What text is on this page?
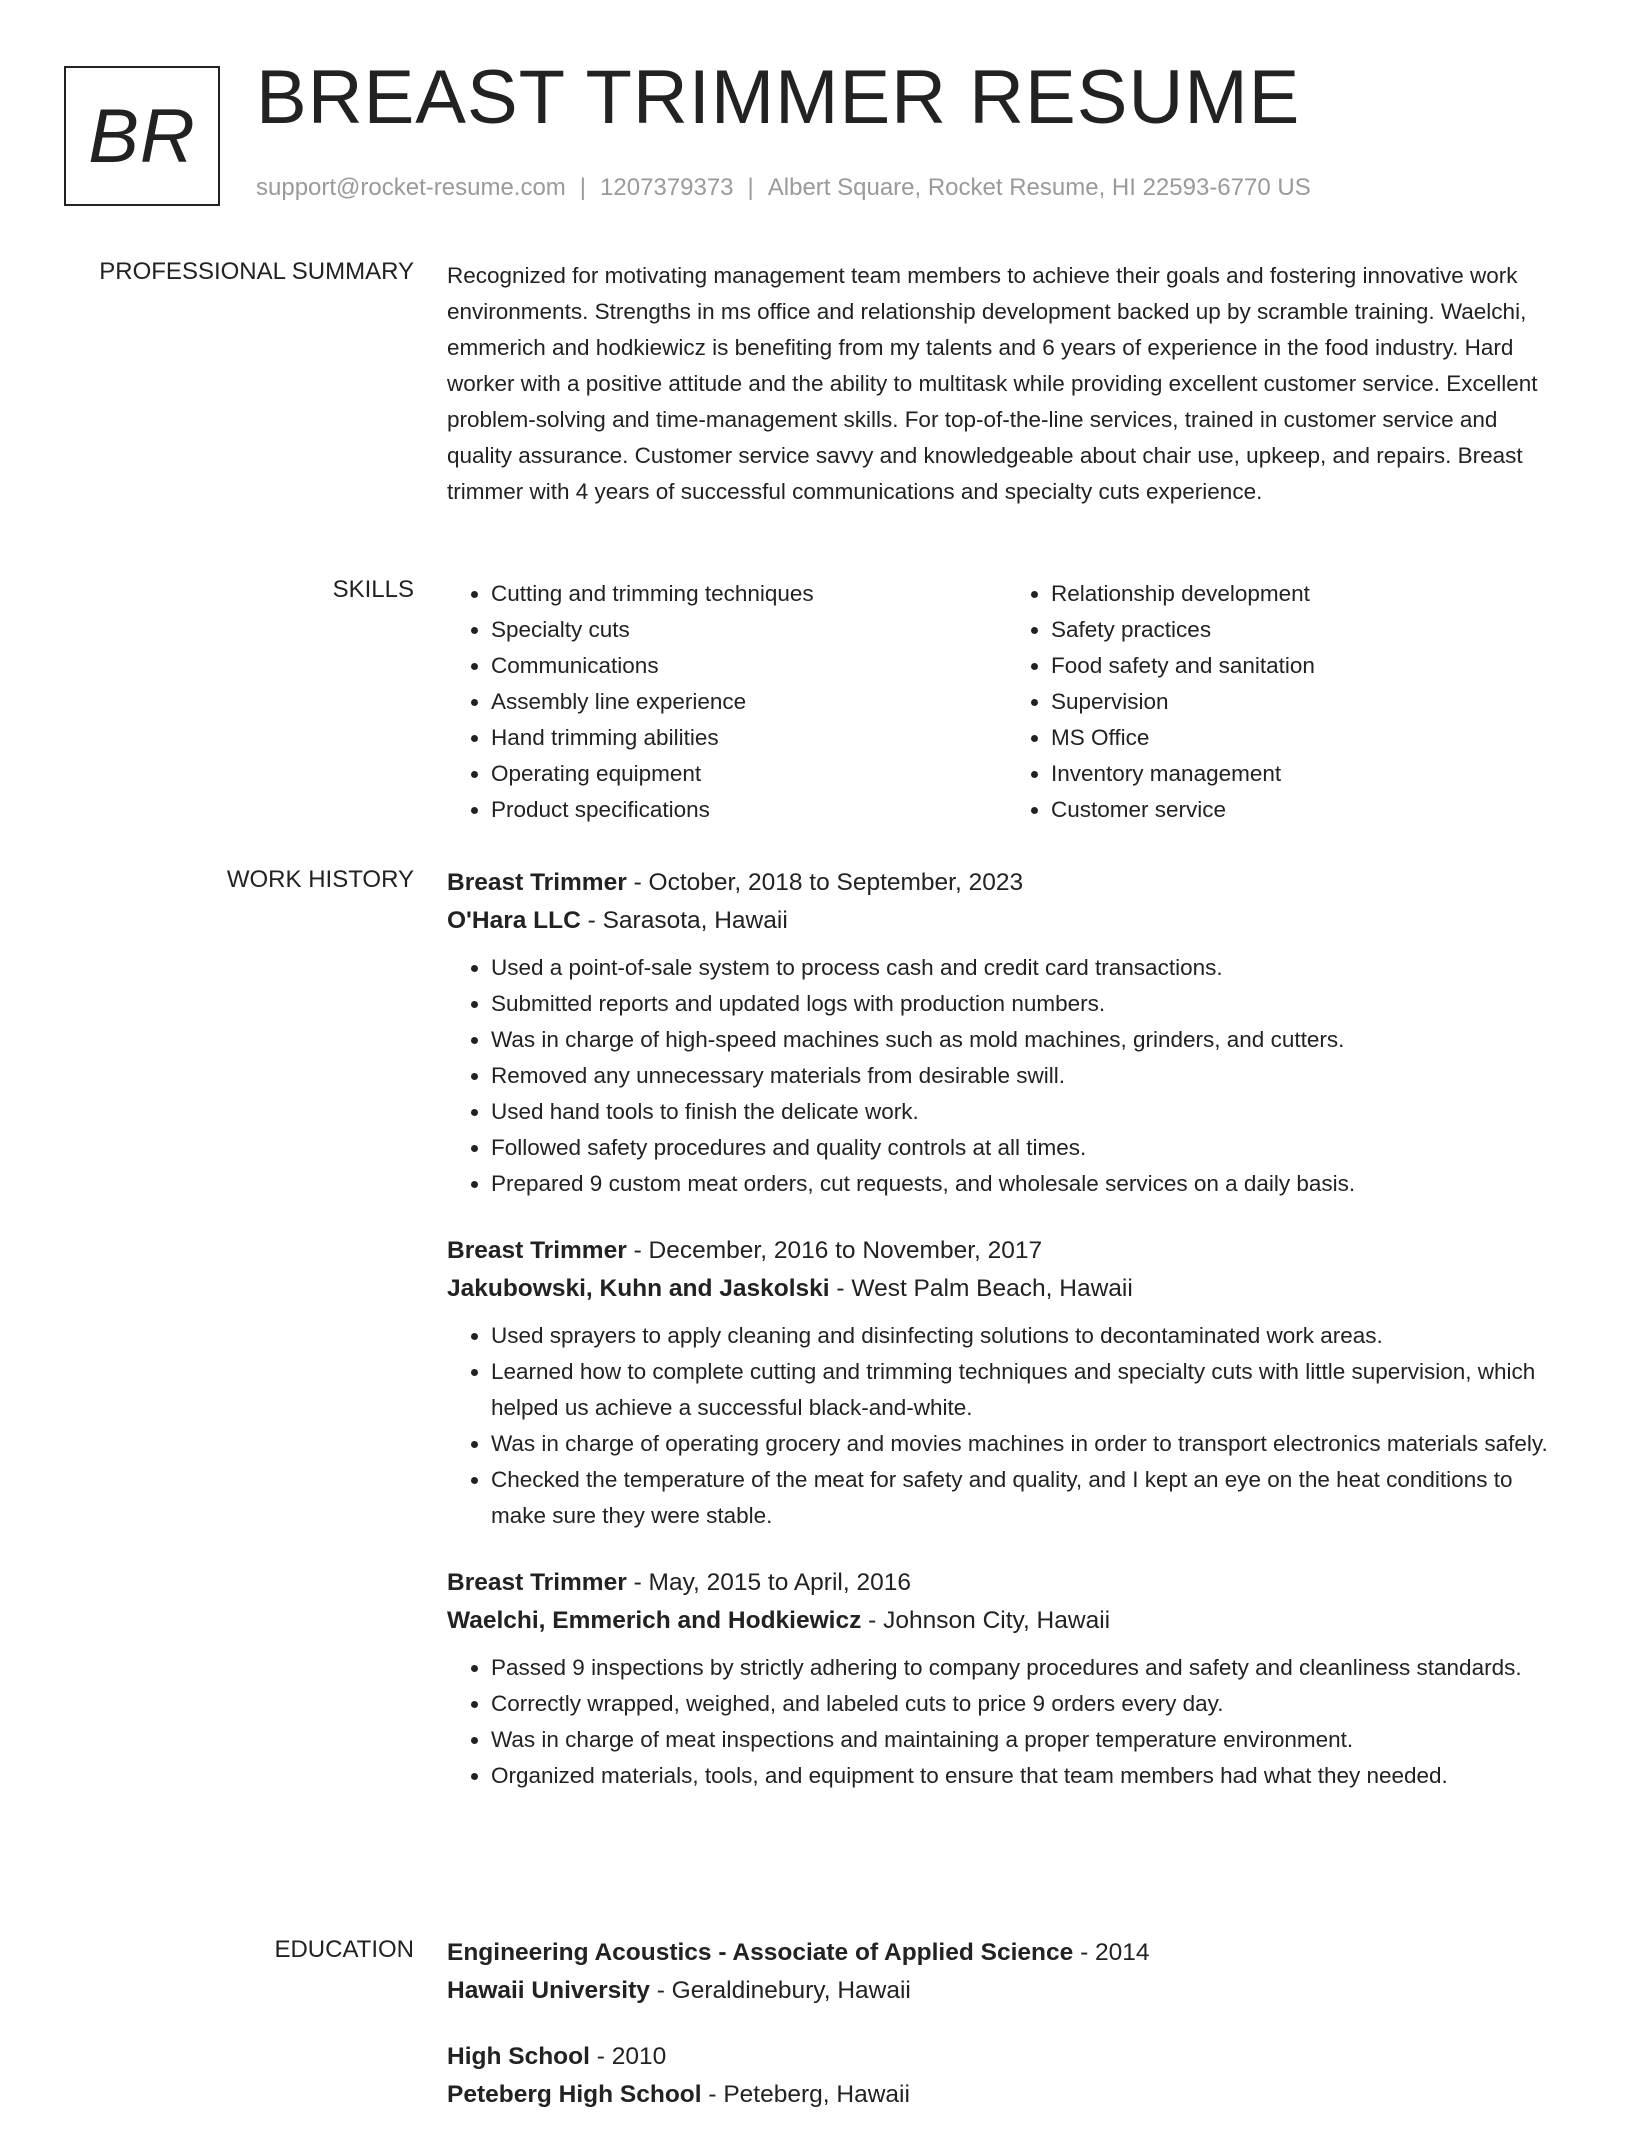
BR BREAST TRIMMER RESUME
support@rocket-resume.com | 1207379373 | Albert Square, Rocket Resume, HI 22593-6770 US
PROFESSIONAL SUMMARY Recognized for motivating management team members to achieve their goals and fostering innovative work environments. Strengths in ms office and relationship development backed up by scramble training. Waelchi, emmerich and hodkiewicz is benefiting from my talents and 6 years of experience in the food industry. Hard worker with a positive attitude and the ability to multitask while providing excellent customer service. Excellent problem-solving and time-management skills. For top-of-the-line services, trained in customer service and quality assurance. Customer service savvy and knowledgeable about chair use, upkeep, and repairs. Breast trimmer with 4 years of successful communications and specialty cuts experience.

SKILLS
•	Cutting and trimming techniques
• Specialty cuts
• Communications
• Assembly line experience
• Hand trimming abilities
• Operating equipment
• Product specifications
• Relationship development
• Safety practices
• Food safety and sanitation
• Supervision
• MS Office
• Inventory management
• Customer service
WORK HISTORY Breast Trimmer - October, 2018 to September, 2023
O'Hara LLC - Sarasota, Hawaii
• Used a point-of-sale system to process cash and credit card transactions.
• Submitted reports and updated logs with production numbers.
• Was in charge of high-speed machines such as mold machines, grinders, and cutters.
• Removed any unnecessary materials from desirable swill.
• Used hand tools to finish the delicate work.
• Followed safety procedures and quality controls at all times.
• Prepared 9 custom meat orders, cut requests, and wholesale services on a daily basis.
Breast Trimmer - December, 2016 to November, 2017
Jakubowski, Kuhn and Jaskolski - West Palm Beach, Hawaii
• Used sprayers to apply cleaning and disinfecting solutions to decontaminated work areas.
• Learned how to complete cutting and trimming techniques and specialty cuts with little supervision, which helped us achieve a successful black-and-white.
• Was in charge of operating grocery and movies machines in order to transport electronics materials safely.
• Checked the temperature of the meat for safety and quality, and I kept an eye on the heat conditions to make sure they were stable.
Breast Trimmer - May, 2015 to April, 2016
Waelchi, Emmerich and Hodkiewicz - Johnson City, Hawaii
• Passed 9 inspections by strictly adhering to company procedures and safety and cleanliness standards.
• Correctly wrapped, weighed, and labeled cuts to price 9 orders every day.
• Was in charge of meat inspections and maintaining a proper temperature environment.
• Organized materials, tools, and equipment to ensure that team members had what they needed.
EDUCATION Engineering Acoustics - Associate of Applied Science - 2014
Hawaii University - Geraldinebury, Hawaii
High School - 2010
Peteberg High School - Peteberg, Hawaii
